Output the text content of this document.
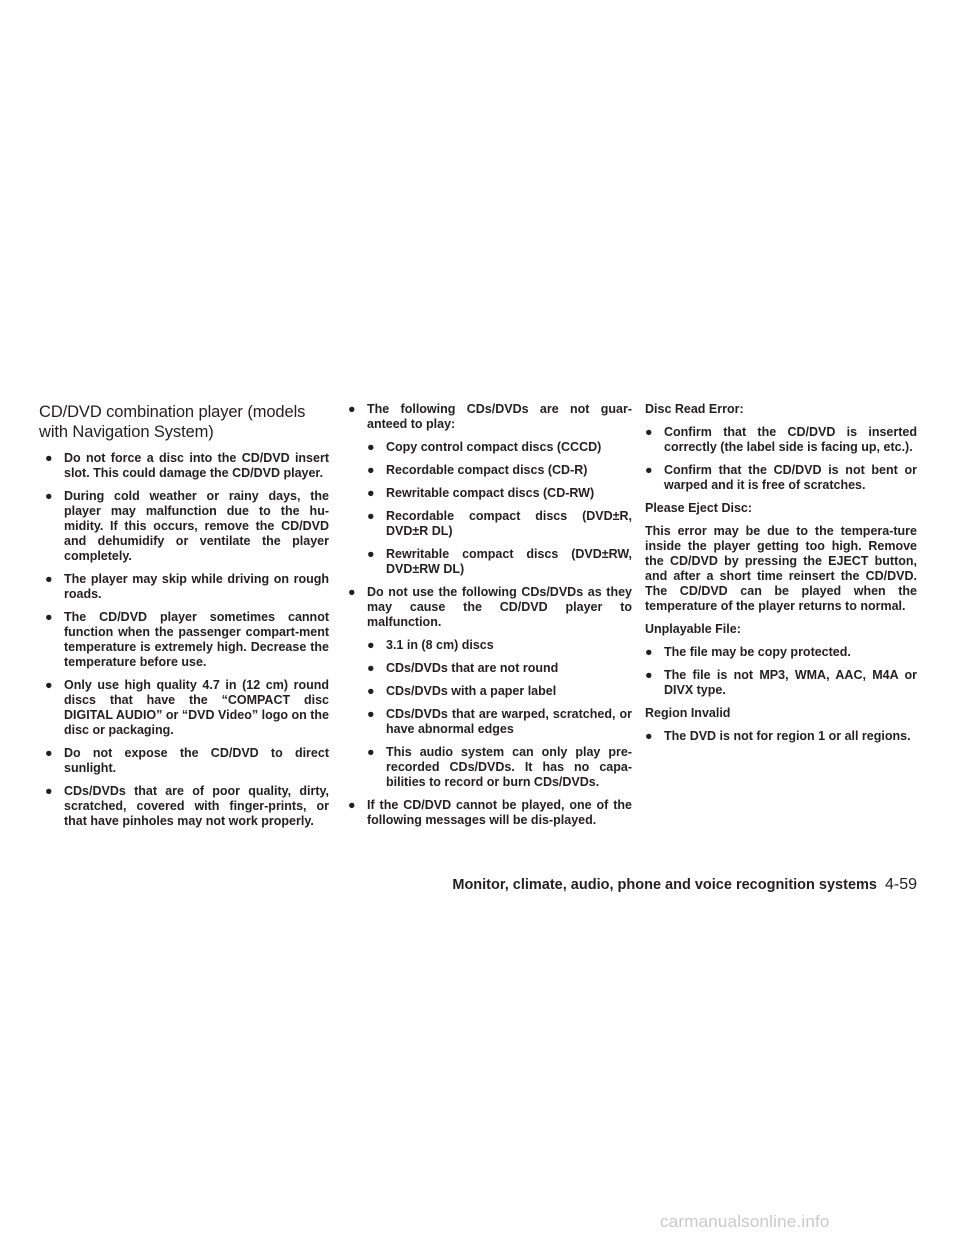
CD/DVD combination player (models with Navigation System)
● Do not force a disc into the CD/DVD insert slot. This could damage the CD/DVD player.
● During cold weather or rainy days, the player may malfunction due to the hu-midity. If this occurs, remove the CD/DVD and dehumidify or ventilate the player completely.
● The player may skip while driving on rough roads.
● The CD/DVD player sometimes cannot function when the passenger compart-ment temperature is extremely high. Decrease the temperature before use.
● Only use high quality 4.7 in (12 cm) round discs that have the “COMPACT disc DIGITAL AUDIO” or “DVD Video” logo on the disc or packaging.
● Do not expose the CD/DVD to direct sunlight.
● CDs/DVDs that are of poor quality, dirty, scratched, covered with finger-prints, or that have pinholes may not work properly.
● The following CDs/DVDs are not guar-anteed to play:
● Copy control compact discs (CCCD)
● Recordable compact discs (CD-R)
● Rewritable compact discs (CD-RW)
● Recordable compact discs (DVD±R, DVD±R DL)
● Rewritable compact discs (DVD±RW, DVD±RW DL)
● Do not use the following CDs/DVDs as they may cause the CD/DVD player to malfunction.
● 3.1 in (8 cm) discs
● CDs/DVDs that are not round
● CDs/DVDs with a paper label
● CDs/DVDs that are warped, scratched, or have abnormal edges
● This audio system can only play pre-recorded CDs/DVDs. It has no capa-bilities to record or burn CDs/DVDs.
● If the CD/DVD cannot be played, one of the following messages will be dis-played.
Disc Read Error:
● Confirm that the CD/DVD is inserted correctly (the label side is facing up, etc.).
● Confirm that the CD/DVD is not bent or warped and it is free of scratches.
Please Eject Disc:
This error may be due to the tempera-ture inside the player getting too high. Remove the CD/DVD by pressing the EJECT button, and after a short time reinsert the CD/DVD. The CD/DVD can be played when the temperature of the player returns to normal.
Unplayable File:
● The file may be copy protected.
● The file is not MP3, WMA, AAC, M4A or DIVX type.
Region Invalid
● The DVD is not for region 1 or all regions.
Monitor, climate, audio, phone and voice recognition systems 4-59
carmanualsonline.info
